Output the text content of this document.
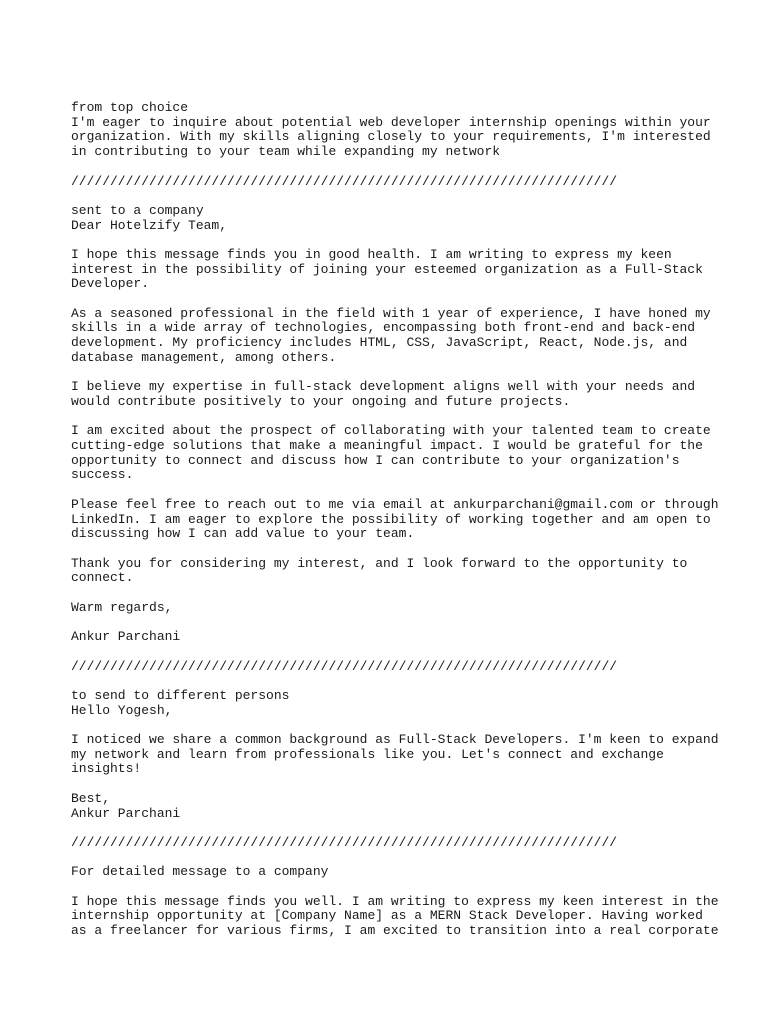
from top choice
I'm eager to inquire about potential web developer internship openings within your
organization. With my skills aligning closely to your requirements, I'm interested
in contributing to your team while expanding my network
//////////////////////////////////////////////////////////////////////
sent to a company
Dear Hotelzify Team,
I hope this message finds you in good health. I am writing to express my keen
interest in the possibility of joining your esteemed organization as a Full-Stack
Developer.
As a seasoned professional in the field with 1 year of experience, I have honed my
skills in a wide array of technologies, encompassing both front-end and back-end
development. My proficiency includes HTML, CSS, JavaScript, React, Node.js, and
database management, among others.
I believe my expertise in full-stack development aligns well with your needs and
would contribute positively to your ongoing and future projects.
I am excited about the prospect of collaborating with your talented team to create
cutting-edge solutions that make a meaningful impact. I would be grateful for the
opportunity to connect and discuss how I can contribute to your organization's
success.
Please feel free to reach out to me via email at ankurparchani@gmail.com or through
LinkedIn. I am eager to explore the possibility of working together and am open to
discussing how I can add value to your team.
Thank you for considering my interest, and I look forward to the opportunity to
connect.
Warm regards,
Ankur Parchani
//////////////////////////////////////////////////////////////////////
to send to different persons
Hello Yogesh,
I noticed we share a common background as Full-Stack Developers. I'm keen to expand
my network and learn from professionals like you. Let's connect and exchange
insights!
Best,
Ankur Parchani
//////////////////////////////////////////////////////////////////////
For detailed message to a company
I hope this message finds you well. I am writing to express my keen interest in the
internship opportunity at [Company Name] as a MERN Stack Developer. Having worked
as a freelancer for various firms, I am excited to transition into a real corporate
